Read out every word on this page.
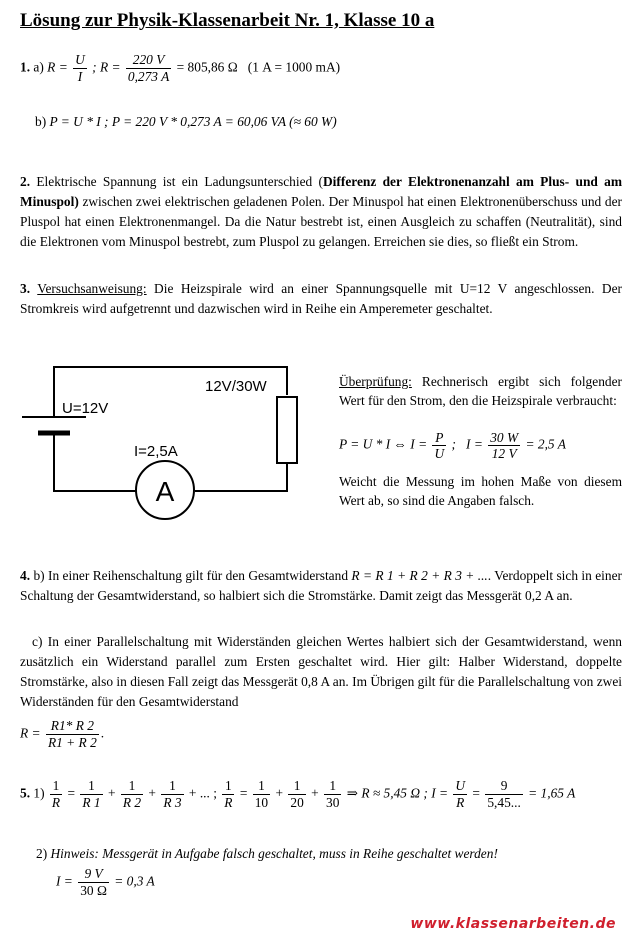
Lösung zur Physik-Klassenarbeit Nr. 1, Klasse 10 a
1. a) $R = \frac{U}{I}$ ; $R = \frac{220 V}{0,273 A} = 805,86$ Ω (1 A = 1000 mA)
b) P = U * I ; P = 220 V * 0,273 A = 60,06 VA (≈ 60 W)
2. Elektrische Spannung ist ein Ladungsunterschied (Differenz der Elektronenanzahl am Plus- und am Minuspol) zwischen zwei elektrischen geladenen Polen. Der Minuspol hat einen Elektronenüberschuss und der Pluspol hat einen Elektronenmangel. Da die Natur bestrebt ist, einen Ausgleich zu schaffen (Neutralität), sind die Elektronen vom Minuspol bestrebt, zum Pluspol zu gelangen. Erreichen sie dies, so fließt ein Strom.
3. Versuchsanweisung: Die Heizspirale wird an einer Spannungsquelle mit U=12 V angeschlossen. Der Stromkreis wird aufgetrennt und dazwischen wird in Reihe ein Amperemeter geschaltet.
A
U=12V
12V/30W
I=2,5A
Überprüfung: Rechnerisch ergibt sich folgender Wert für den Strom, den die Heizspirale verbraucht:
P = U * I ⇔ $I = \frac{P}{U}$ ;   $I = \frac{30 W}{12 V} = 2,5$ A
Weicht die Messung im hohen Maße von diesem Wert ab, so sind die Angaben falsch.
4. b) In einer Reihenschaltung gilt für den Gesamtwiderstand R = R 1 + R 2 + R 3 + .... Verdoppelt sich in einer Schaltung der Gesamtwiderstand, so halbiert sich die Stromstärke. Damit zeigt das Messgerät 0,2 A an.
c) In einer Parallelschaltung mit Widerständen gleichen Wertes halbiert sich der Gesamtwiderstand, wenn zusätzlich ein Widerstand parallel zum Ersten geschaltet wird. Hier gilt: Halber Widerstand, doppelte Stromstärke, also in diesen Fall zeigt das Messgerät 0,8 A an. Im Übrigen gilt für die Parallelschaltung von zwei Widerständen für den Gesamtwiderstand
$R = \frac{R1* R 2}{R1 + R 2}$ .
5. $1) \frac{1}{R} = \frac{1}{R 1} + \frac{1}{R 2} + \frac{1}{R 3}$ + ... ; $\frac{1}{R} = \frac{1}{10} + \frac{1}{20} + \frac{1}{30}$ ⇒ R ≈ 5,45 Ω ; $I = \frac{U}{R} = \frac{9}{5,45...} = 1,65$ A
2) Hinweis: Messgerät in Aufgabe falsch geschaltet, muss in Reihe geschaltet werden!
$I = \frac{9 V}{30 \Omega} = 0,3$ A
www.klassenarbeiten.de
